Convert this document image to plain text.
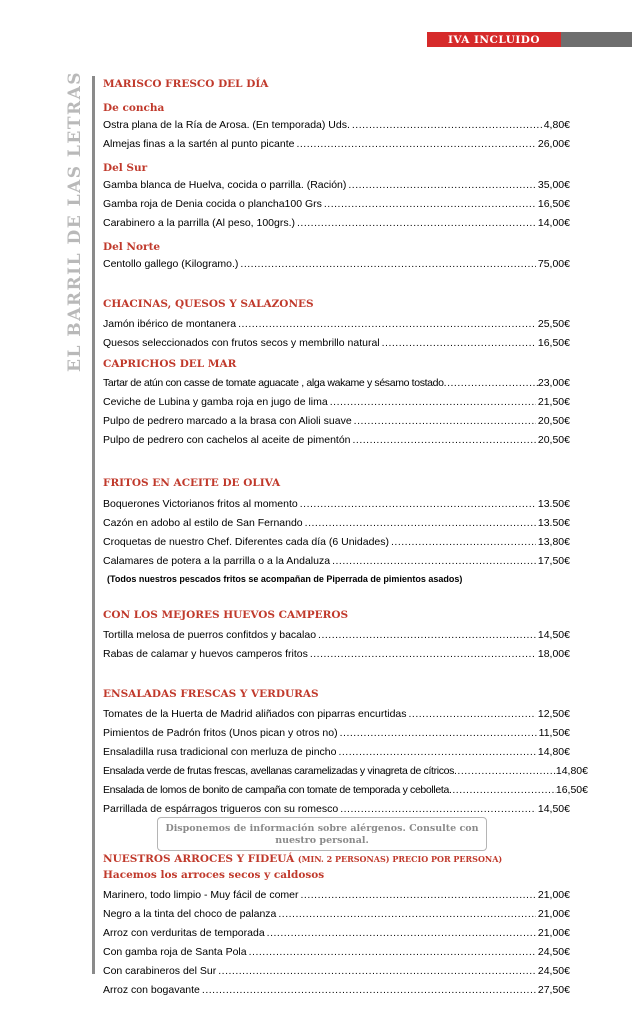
IVA INCLUIDO
EL BARRIL DE LAS LETRAS	MARISCO FRESCO DEL DÍA
De concha
Ostra plana de la Ría de Arosa. (En temporada) Uds. .....	4,80€
Almejas finas a la sartén al punto picante .....	26,00€
Del Sur
Gamba blanca de Huelva, cocida o parrilla. (Ración) .....	35,00€
Gamba roja de Denia cocida o plancha100 Grs .....	16,50€
Carabinero a la parrilla (Al peso, 100grs.) .....	14,00€
Del Norte
Centollo gallego (Kilogramo.) .....	75,00€
CHACINAS, QUESOS Y SALAZONES
Jamón ibérico de montanera .....	25,50€
Quesos seleccionados con frutos secos y membrillo natural .....	16,50€
CAPRICHOS DEL MAR
Tartar de atún con casse de tomate aguacate , alga wakame y sésamo tostado .....	23,00€
Ceviche de Lubina y gamba roja en jugo de lima .....	21,50€
Pulpo de pedrero marcado a la brasa con Alioli suave .....	20,50€
Pulpo de pedrero con cachelos al aceite de pimentón .....	20,50€
FRITOS EN ACEITE DE OLIVA
Boquerones Victorianos fritos al momento .....	13.50€
Cazón en adobo al estilo de San Fernando .....	13.50€
Croquetas de nuestro Chef. Diferentes cada día (6 Unidades) .....	13,80€
Calamares de potera a la parrilla o a la Andaluza .....	17,50€
(Todos nuestros pescados fritos se acompañan de Piperrada de pimientos asados)
CON LOS MEJORES HUEVOS CAMPEROS
Tortilla melosa de puerros confitdos y bacalao .....	14,50€
Rabas de calamar y huevos camperos fritos .....	18,00€
ENSALADAS FRESCAS Y VERDURAS
Tomates de la Huerta de Madrid aliñados con piparras encurtidas .....	12,50€
Pimientos de Padrón fritos (Unos pican y otros no) .....	11,50€
Ensaladilla rusa tradicional con merluza de pincho .....	14,80€
Ensalada verde de frutas frescas, avellanas caramelizadas y vinagreta de cítricos .....	14,80€
Ensalada de lomos de bonito de campaña con tomate de temporada y cebolleta .....	16,50€
Parrillada de espárragos trigueros con su romesco .....	14,50€
NUESTROS ARROCES Y FIDEUÁ (MIN. 2 PERSONAS) PRECIO POR PERSONA)
Hacemos los arroces secos y caldosos
Marinero, todo limpio - Muy fácil de comer .....	21,00€
Negro a la tinta del choco de palanza .....	21,00€
Arroz con verduritas de temporada .....	21,00€
Con gamba roja de Santa Pola .....	24,50€
Con carabineros del Sur .....	24,50€
Arroz con bogavante .....	27,50€
Disponemos de información sobre alérgenos. Consulte con nuestro personal.
